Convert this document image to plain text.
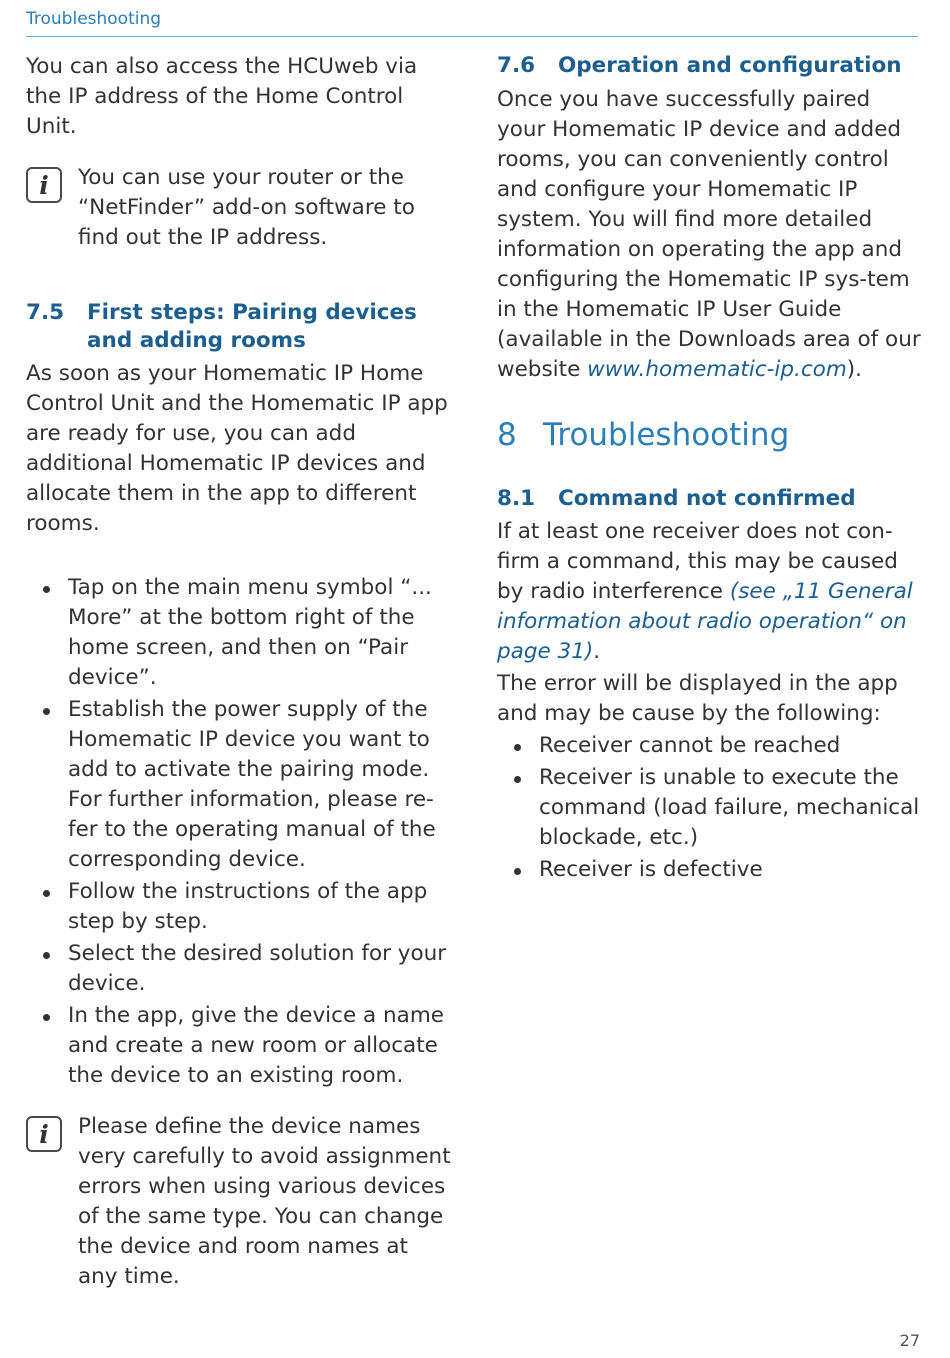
Troubleshooting

You can also access the HCUweb via the IP address of the Home Control Unit.

i	You can use your router or the “NetFinder” add-on software to find out the IP address.

7.5	First steps: Pairing devices and adding rooms

As soon as your Homematic IP Home Control Unit and the Homematic IP app are ready for use, you can add additional Homematic IP devices and allocate them in the app to different rooms.

Tap on the main menu symbol “... More” at the bottom right of the home screen, and then on “Pair device”.
Establish the power supply of the Homematic IP device you want to add to activate the pairing mode. For further information, please re-fer to the operating manual of the corresponding device.
Follow the instructions of the app step by step.
Select the desired solution for your device.
In the app, give the device a name and create a new room or allocate the device to an existing room.
i	Please define the device names very carefully to avoid assignment errors when using various devices of the same type. You can change the device and room names at any time.

7.6	Operation and configuration

Once you have successfully paired your Homematic IP device and added rooms, you can conveniently control and configure your Homematic IP system. You will find more detailed information on operating the app and configuring the Homematic IP sys-tem in the Homematic IP User Guide (available in the Downloads area of our website www.homematic-ip.com).

8 Troubleshooting
8.1	Command not confirmed

If at least one receiver does not con-firm a command, this may be caused by radio interference (see „11 General information about radio operation“ on page 31).

The error will be displayed in the app and may be cause by the following:

Receiver cannot be reached
Receiver is unable to execute the command (load failure, mechanical blockade, etc.)
Receiver is defective
27
